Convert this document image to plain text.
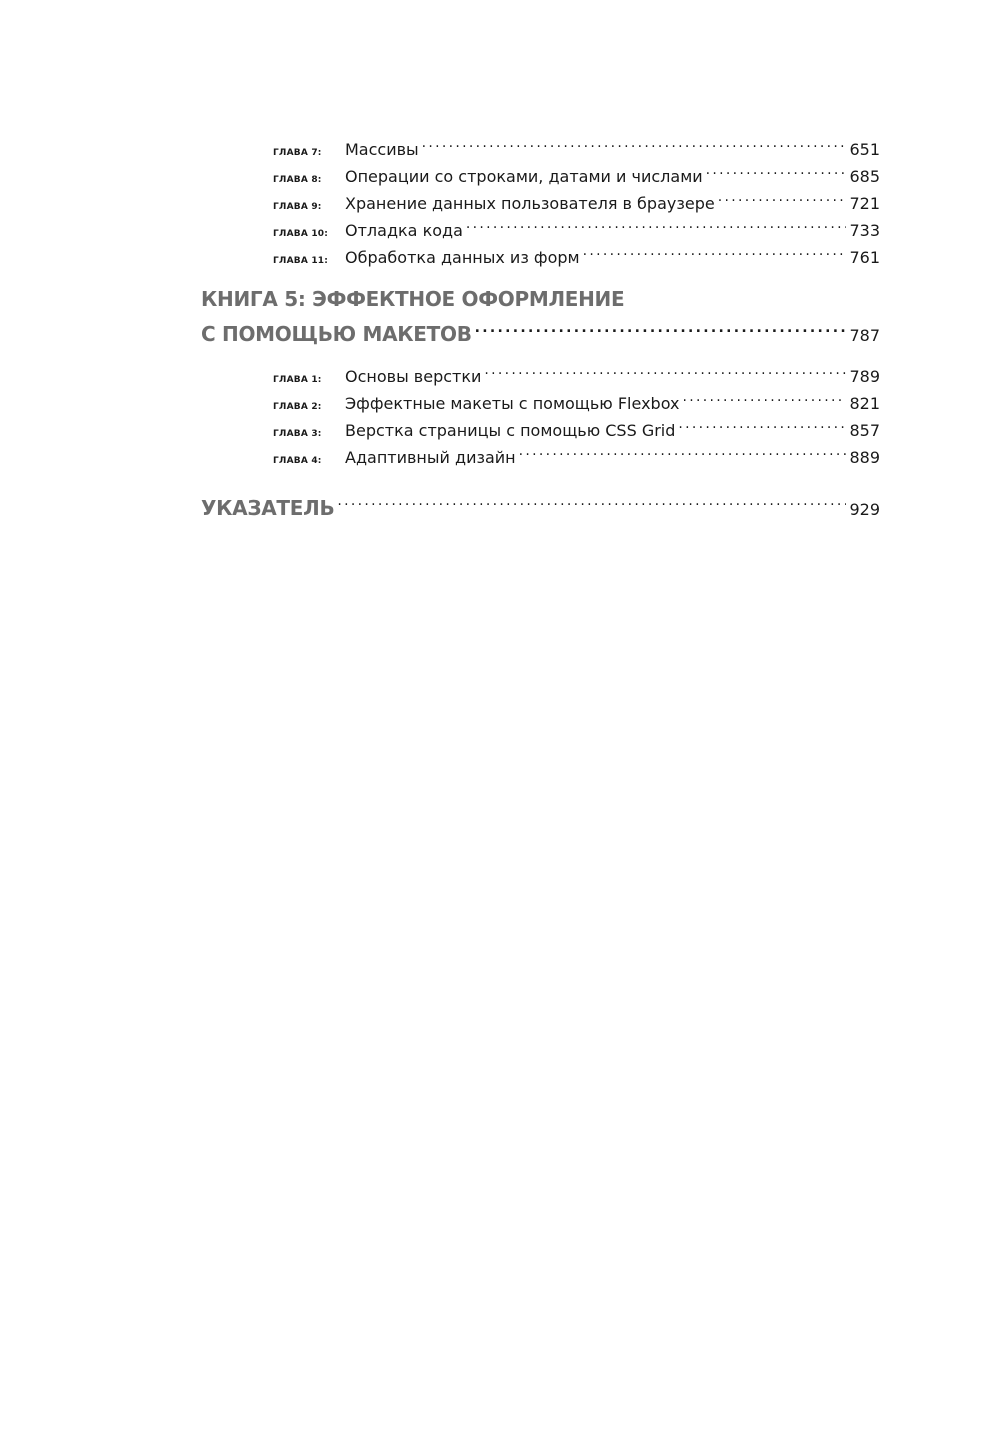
ГЛАВА 7:	Массивы .....	651
ГЛАВА 8:	Операции со строками, датами и числами .....	685
ГЛАВА 9:	Хранение данных пользователя в браузере .....	721
ГЛАВА 10:	Отладка кода .....	733
ГЛАВА 11:	Обработка данных из форм .....	761
КНИГА 5: ЭФФЕКТНОЕ ОФОРМЛЕНИЕ
С ПОМОЩЬЮ МАКЕТОВ .....	787
ГЛАВА 1:	Основы верстки .....	789
ГЛАВА 2:	Эффектные макеты с помощью Flexbox .....	821
ГЛАВА 3:	Верстка страницы с помощью CSS Grid .....	857
ГЛАВА 4:	Адаптивный дизайн .....	889
УКАЗАТЕЛЬ .....	929
